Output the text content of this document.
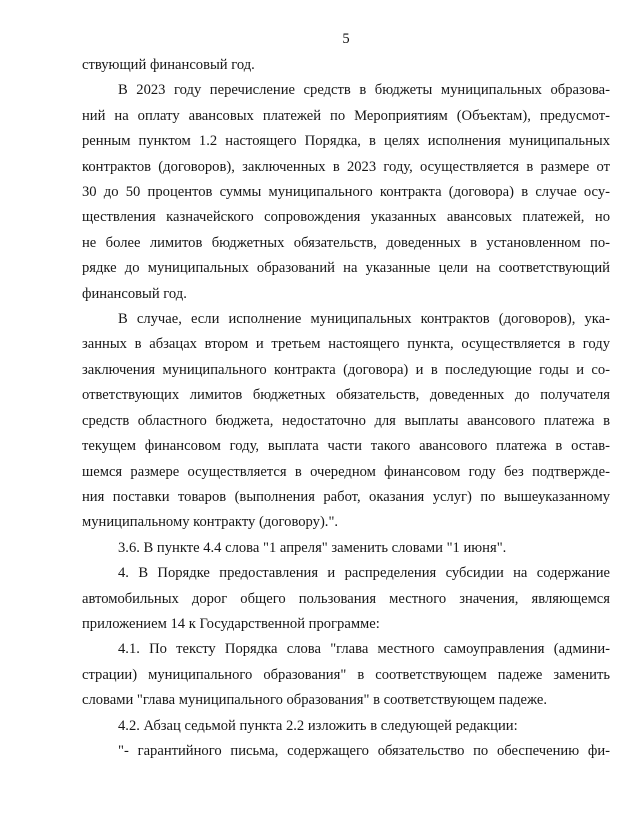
5
ствующий финансовый год.
В 2023 году перечисление средств в бюджеты муниципальных образова-
ний на оплату авансовых платежей по Мероприятиям (Объектам), предусмот-
ренным пунктом 1.2 настоящего Порядка, в целях исполнения муниципальных
контрактов (договоров), заключенных в 2023 году, осуществляется в размере от
30 до 50 процентов суммы муниципального контракта (договора) в случае осу-
ществления казначейского сопровождения указанных авансовых платежей, но
не более лимитов бюджетных обязательств, доведенных в установленном по-
рядке до муниципальных образований на указанные цели на соответствующий
финансовый год.
В случае, если исполнение муниципальных контрактов (договоров), ука-
занных в абзацах втором и третьем настоящего пункта, осуществляется в году
заключения муниципального контракта (договора) и в последующие годы и со-
ответствующих лимитов бюджетных обязательств, доведенных до получателя
средств областного бюджета, недостаточно для выплаты авансового платежа в
текущем финансовом году, выплата части такого авансового платежа в остав-
шемся размере осуществляется в очередном финансовом году без подтвержде-
ния поставки товаров (выполнения работ, оказания услуг) по вышеуказанному
муниципальному контракту (договору).".
3.6. В пункте 4.4 слова "1 апреля" заменить словами "1 июня".
4. В Порядке предоставления и распределения субсидии на содержание
автомобильных дорог общего пользования местного значения, являющемся
приложением 14 к Государственной программе:
4.1. По тексту Порядка слова "глава местного самоуправления (админи-
страции) муниципального образования" в соответствующем падеже заменить
словами "глава муниципального образования" в соответствующем падеже.
4.2. Абзац седьмой пункта 2.2 изложить в следующей редакции:
"- гарантийного письма, содержащего обязательство по обеспечению фи-
